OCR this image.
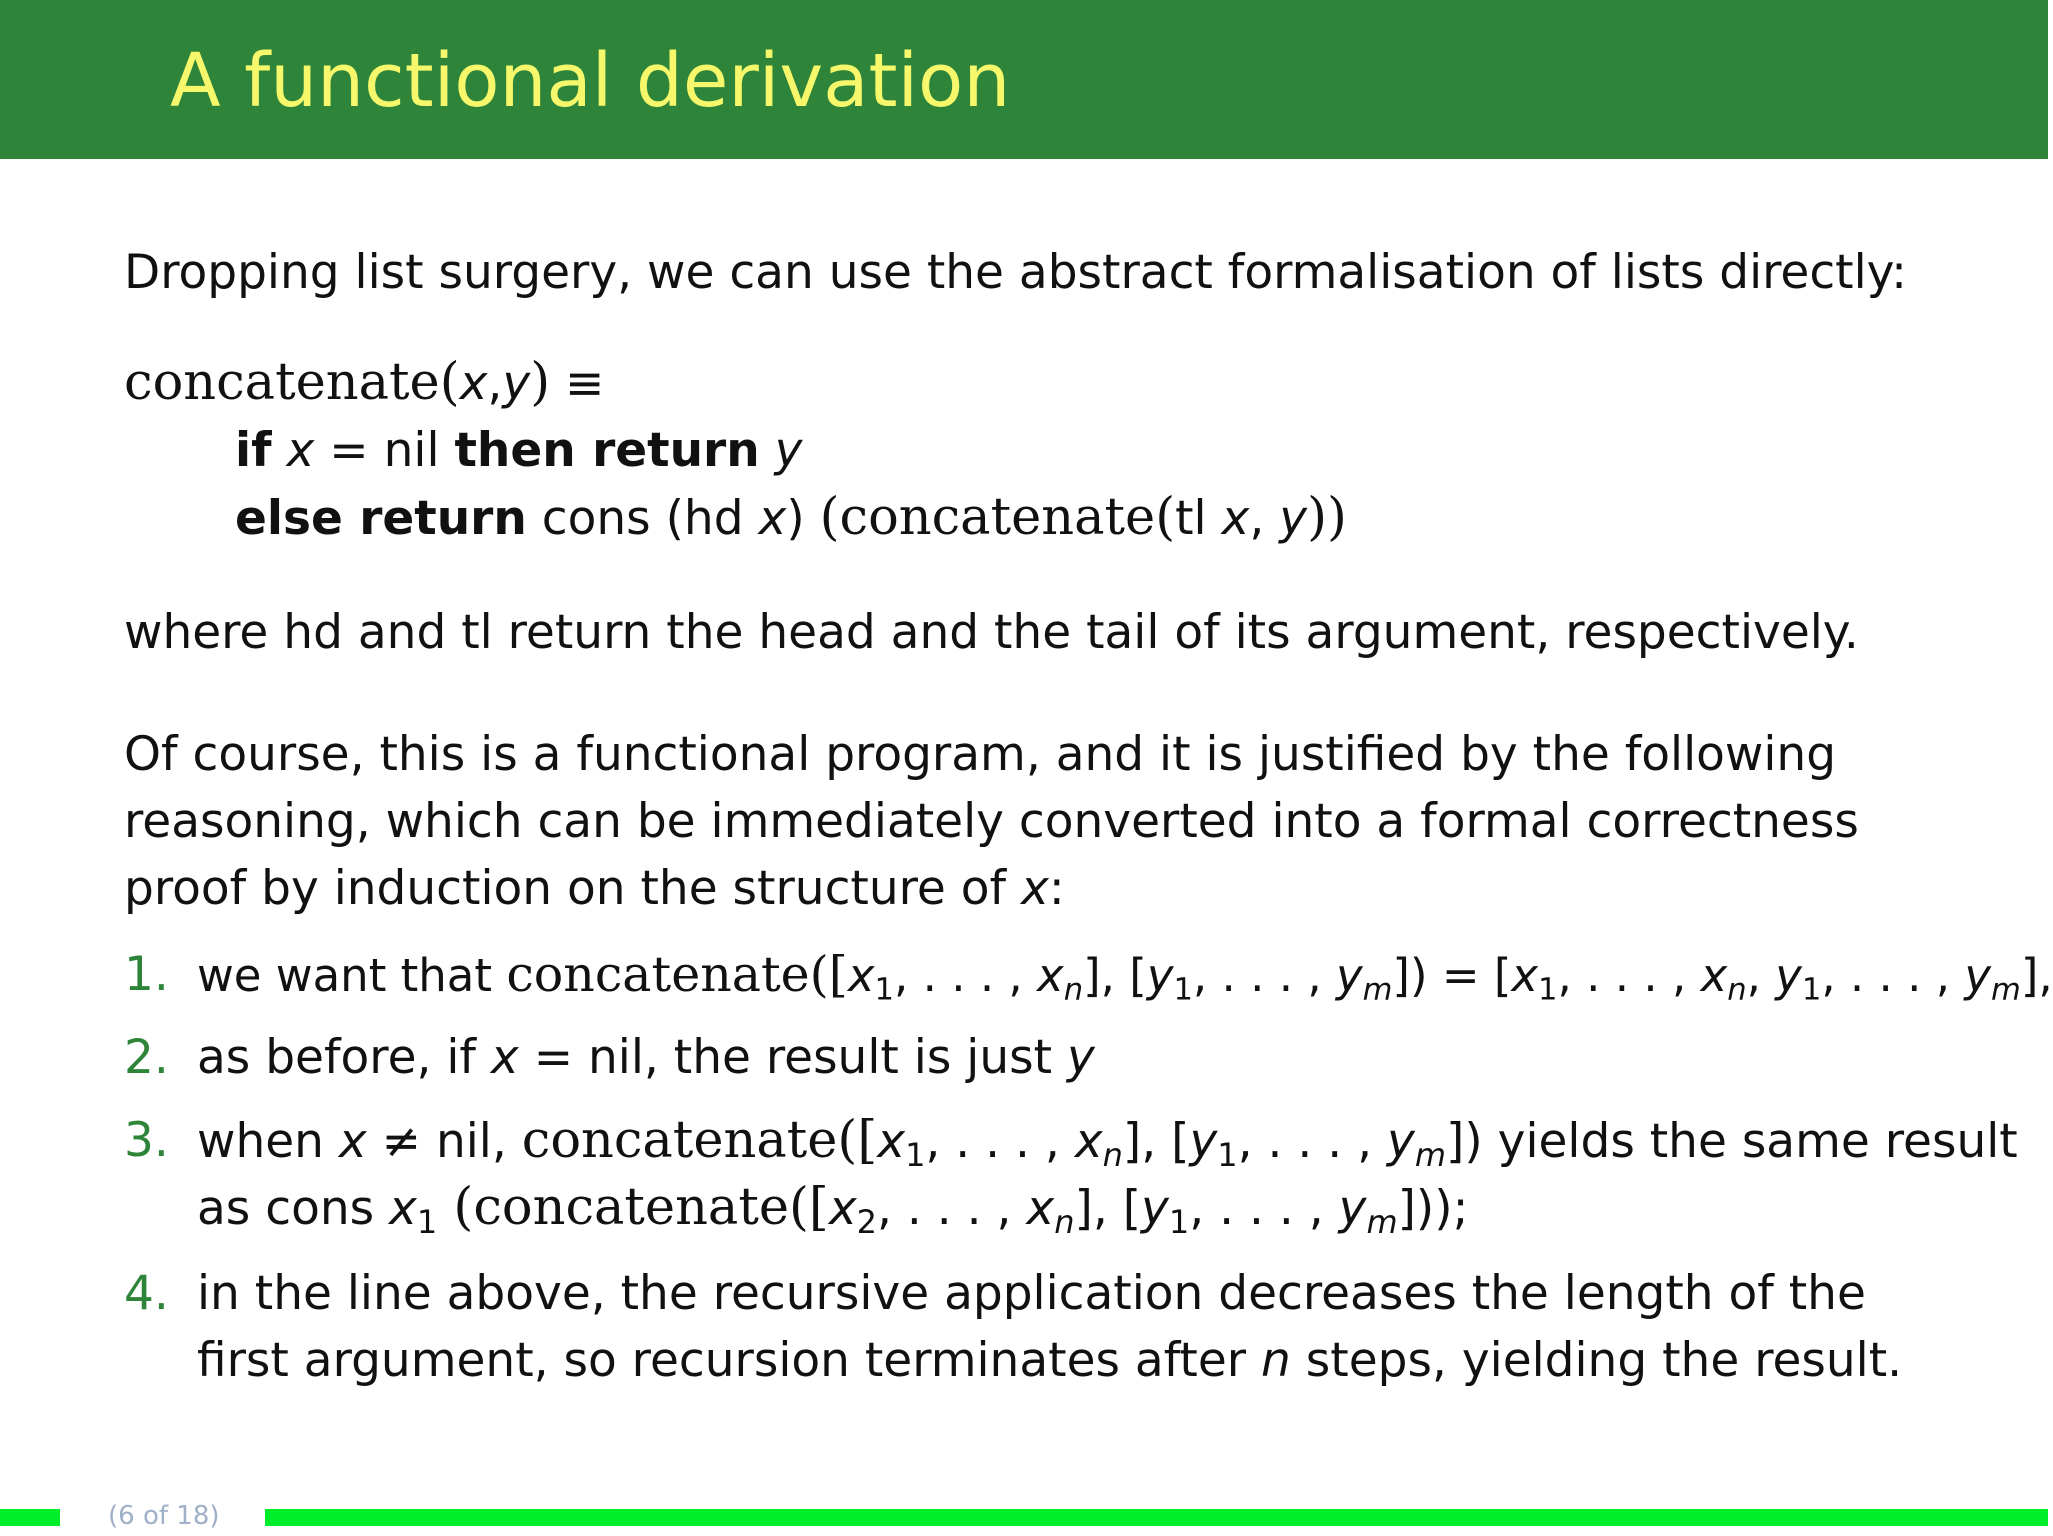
A functional derivation
Dropping list surgery, we can use the abstract formalisation of lists directly:
concatenate(x,y) ≡
if x = nil then return y
else return cons (hd x) (concatenate(tl x, y))
where hd and tl return the head and the tail of its argument, respectively.
Of course, this is a functional program, and it is justified by the following
reasoning, which can be immediately converted into a formal correctness
proof by induction on the structure of x:
1. we want that $concatenate([x_1$, . . . , $x_n$], [$y_1$, . . . , $y_m]) = [x_1$, . . . , $x_n$, $y_1$, . . . , $y_m$],
2. as before, if x = nil, the result is just y
3. when x ≠ nil, $concatenate([x_1$, . . . , $x_n$], [$y_1$, . . . , $y_m$]) yields the same result
as cons $x_1$ ($concatenate([x_2$, . . . , $x_n$], [$y_1$, . . . , $y_m$]));
4. in the line above, the recursive application decreases the length of the
first argument, so recursion terminates after n steps, yielding the result.
(6 of 18)
